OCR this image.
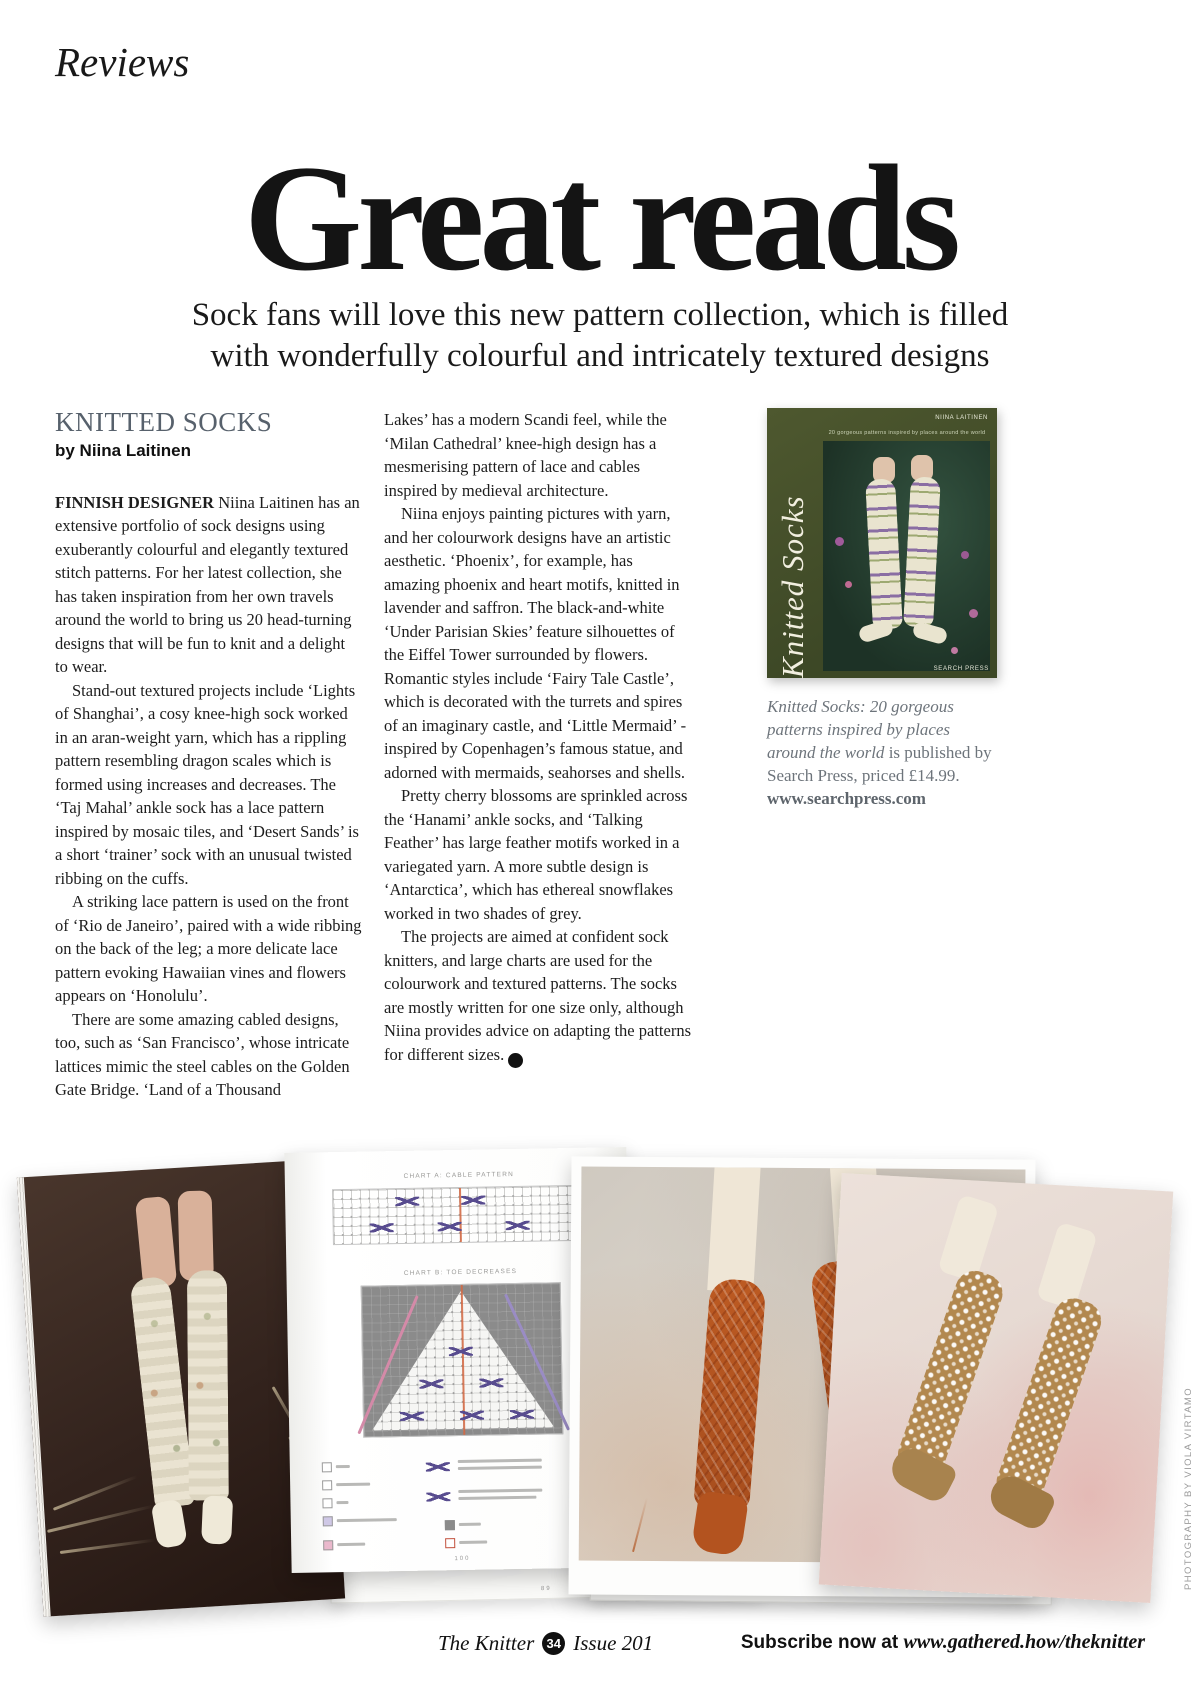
Reviews
Great reads
Sock fans will love this new pattern collection, which is filled
with wonderfully colourful and intricately textured designs
KNITTED SOCKS
by Niina Laitinen

FINNISH DESIGNER Niina Laitinen has an extensive portfolio of sock designs using exuberantly colourful and elegantly textured stitch patterns. For her latest collection, she has taken inspiration from her own travels around the world to bring us 20 head-turning designs that will be fun to knit and a delight to wear.

Stand-out textured projects include ‘Lights of Shanghai’, a cosy knee-high sock worked in an aran-weight yarn, which has a rippling pattern resembling dragon scales which is formed using increases and decreases. The ‘Taj Mahal’ ankle sock has a lace pattern inspired by mosaic tiles, and ‘Desert Sands’ is a short ‘trainer’ sock with an unusual twisted ribbing on the cuffs.

A striking lace pattern is used on the front of ‘Rio de Janeiro’, paired with a wide ribbing on the back of the leg; a more delicate lace pattern evoking Hawaiian vines and flowers appears on ‘Honolulu’.

There are some amazing cabled designs, too, such as ‘San Francisco’, whose intricate lattices mimic the steel cables on the Golden Gate Bridge. ‘Land of a Thousand

Lakes’ has a modern Scandi feel, while the ‘Milan Cathedral’ knee-high design has a mesmerising pattern of lace and cables inspired by medieval architecture.

Niina enjoys painting pictures with yarn, and her colourwork designs have an artistic aesthetic. ‘Phoenix’, for example, has amazing phoenix and heart motifs, knitted in lavender and saffron. The black-and-white ‘Under Parisian Skies’ feature silhouettes of the Eiffel Tower surrounded by flowers. Romantic styles include ‘Fairy Tale Castle’, which is decorated with the turrets and spires of an imaginary castle, and ‘Little Mermaid’ - inspired by Copenhagen’s famous statue, and adorned with mermaids, seahorses and shells.

Pretty cherry blossoms are sprinkled across the ‘Hanami’ ankle socks, and ‘Talking Feather’ has large feather motifs worked in a variegated yarn. A more subtle design is ‘Antarctica’, which has ethereal snowflakes worked in two shades of grey.

The projects are aimed at confident sock knitters, and large charts are used for the colourwork and textured patterns. The socks are mostly written for one size only, although Niina provides advice on adapting the patterns for different sizes. ✚

Knitted Socks
NIINA LAITINEN
20 gorgeous patterns inspired by places around the world
SEARCH PRESS
Knitted Socks: 20 gorgeous patterns inspired by places around the world is published by Search Press, priced £14.99.
www.searchpress.com
89
CHART A: CABLE PATTERN
CHART B: TOE DECREASES
100	PHOTOGRAPHY BY VIOLA VIRTAMO
The Knitter 34 Issue 201	Subscribe now at www.gathered.how/theknitter
